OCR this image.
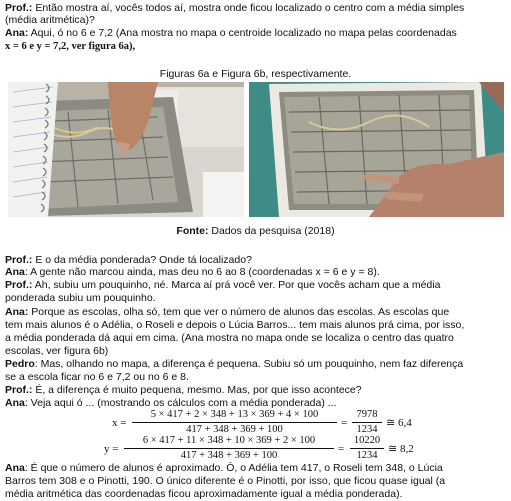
Prof.: Então mostra aí, vocês todos aí, mostra onde ficou localizado o centro com a média simples
(média aritmética)?
Ana: Aqui, ó no 6 e 7,2 (Ana mostra no mapa o centroide localizado no mapa pelas coordenadas
x = 6 e y = 7,2, ver figura 6a),
Figuras 6a e Figura 6b, respectivamente.
Fonte: Dados da pesquisa (2018)
Prof.: E o da média ponderada? Onde tá localizado?
Ana: A gente não marcou ainda, mas deu no 6 ao 8 (coordenadas x = 6 e y = 8).
Prof.: Ah, subiu um pouquinho, né. Marca aí prá você ver. Por que vocês acham que a média
ponderada subiu um pouquinho.
Ana: Porque as escolas, olha só, tem que ver o número de alunos das escolas. As escolas que
tem mais alunos é o Adélia, o Roseli e depois o Lúcia Barros... tem mais alunos prá cima, por isso,
a média ponderada dá aqui em cima. (Ana mostra no mapa onde se localiza o centro das quatro
escolas, ver figura 6b)
Pedro: Mas, olhando no mapa, a diferença é pequena. Subiu só um pouquinho, nem faz diferença
se a escola ficar no 6 e 7,2 ou no 6 e 8.
Prof.: É, a diferença é muito pequena, mesmo. Mas, por que isso acontece?
Ana: Veja aqui ó ... (mostrando os cálculos com a média ponderada) ...
x =
5 × 417 + 2 × 348 + 13 × 369 + 4 × 100
417 + 348 + 369 + 100
=
7978
1234
≅ 6,4
y =
6 × 417 + 11 × 348 + 10 × 369 + 2 × 100
417 + 348 + 369 + 100
=
10220
1234
≅ 8,2
Ana: É que o número de alunos é aproximado. Ó, o Adélia tem 417, o Roseli tem 348, o Lúcia
Barros tem 308 e o Pinotti, 190. O único diferente é o Pinotti, por isso, que ficou quase igual (a
média aritmética das coordenadas ficou aproximadamente igual a média ponderada).
